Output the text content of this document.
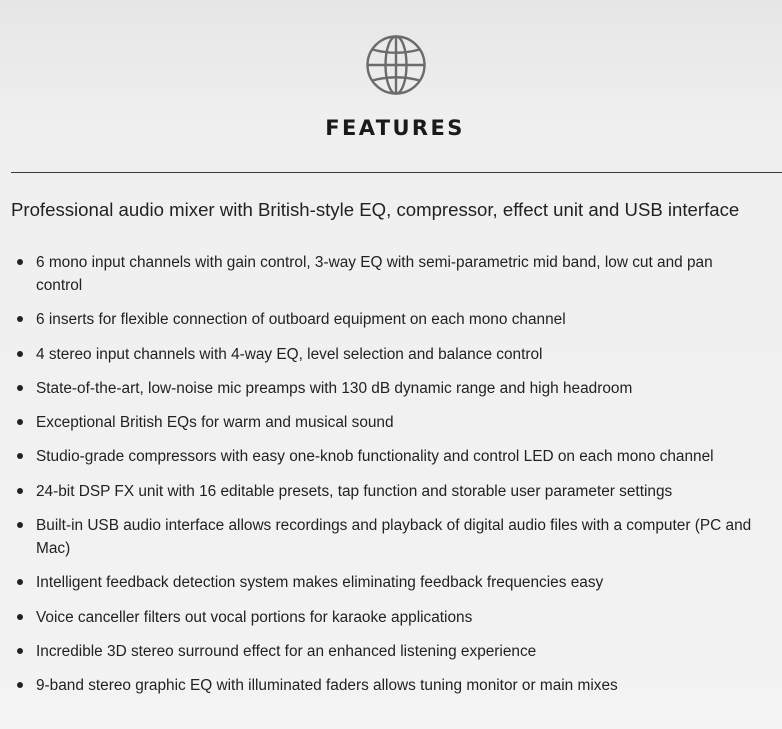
FEATURES

Professional audio mixer with British-style EQ, compressor, effect unit and USB interface

6 mono input channels with gain control, 3-way EQ with semi-parametric mid band, low cut and pan control
6 inserts for flexible connection of outboard equipment on each mono channel
4 stereo input channels with 4-way EQ, level selection and balance control
State-of-the-art, low-noise mic preamps with 130 dB dynamic range and high headroom
Exceptional British EQs for warm and musical sound
Studio-grade compressors with easy one-knob functionality and control LED on each mono channel
24-bit DSP FX unit with 16 editable presets, tap function and storable user parameter settings
Built-in USB audio interface allows recordings and playback of digital audio files with a computer (PC and Mac)
Intelligent feedback detection system makes eliminating feedback frequencies easy
Voice canceller filters out vocal portions for karaoke applications
Incredible 3D stereo surround effect for an enhanced listening experience
9-band stereo graphic EQ with illuminated faders allows tuning monitor or main mixes
